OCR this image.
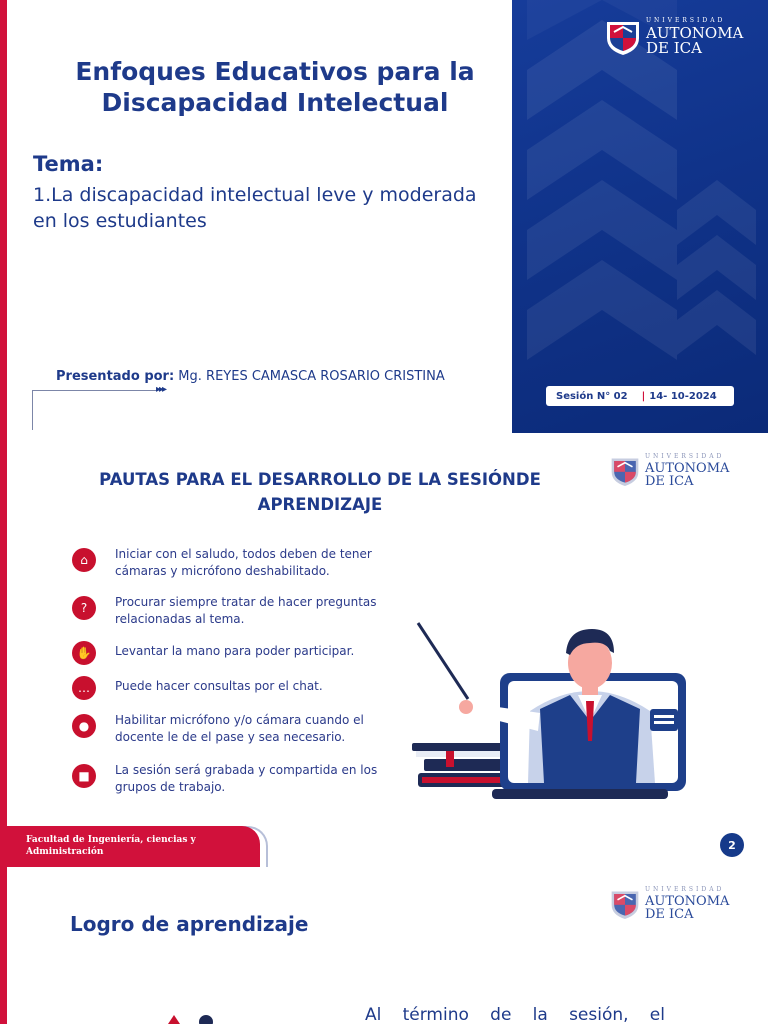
Enfoques Educativos para la
Discapacidad Intelectual
Tema:
1.La discapacidad intelectual leve y moderada en los estudiantes
Presentado por: Mg. REYES CAMASCA ROSARIO CRISTINA
▸▸▸
UNIVERSIDAD
AUTONOMA
DE ICA
Sesión N° 02 | 14- 10-2024
PAUTAS PARA EL DESARROLLO DE LA SESIÓNDE
APRENDIZAJE
UNIVERSIDAD
AUTONOMA
DE ICA
⌂	Iniciar con el saludo, todos deben de tener
cámaras y micrófono deshabilitado.
?	Procurar siempre tratar de hacer preguntas
relacionadas al tema.
✋	Levantar la mano para poder participar.
…	Puede hacer consultas por el chat.
●	Habilitar micrófono y/o cámara cuando el
docente le de el pase y sea necesario.
■	La sesión será grabada y compartida en los
grupos de trabajo.
Facultad de Ingeniería, ciencias y
Administración
2
UNIVERSIDAD
AUTONOMA
DE ICA
Logro de aprendizaje
Al término de la sesión, el
